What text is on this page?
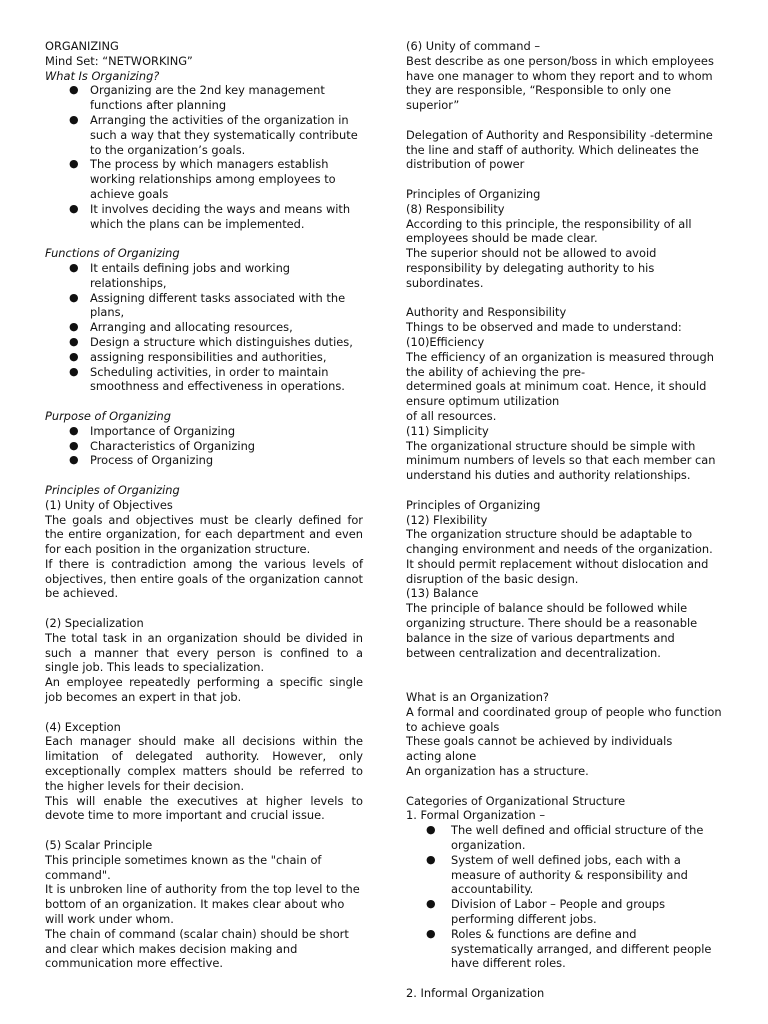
ORGANIZING

Mind Set: “NETWORKING”

What Is Organizing?

● Organizing are the 2nd key management functions after planning
● Arranging the activities of the organization in such a way that they systematically contribute to the organization’s goals.
● The process by which managers establish working relationships among employees to achieve goals
● It involves deciding the ways and means with which the plans can be implemented.

Functions of Organizing

● It entails defining jobs and working relationships,
● Assigning different tasks associated with the plans,
● Arranging and allocating resources,
● Design a structure which distinguishes duties,
● assigning responsibilities and authorities,
● Scheduling activities, in order to maintain smoothness and effectiveness in operations.

Purpose of Organizing

● Importance of Organizing
● Characteristics of Organizing
● Process of Organizing

Principles of Organizing

(1) Unity of Objectives

The goals and objectives must be clearly defined for the entire organization, for each department and even for each position in the organization structure.

If there is contradiction among the various levels of objectives, then entire goals of the organization cannot be achieved.

(2) Specialization

The total task in an organization should be divided in such a manner that every person is confined to a single job. This leads to specialization.

An employee repeatedly performing a specific single job becomes an expert in that job.

(4) Exception

Each manager should make all decisions within the limitation of delegated authority. However, only exceptionally complex matters should be referred to the higher levels for their decision.

This will enable the executives at higher levels to devote time to more important and crucial issue.

(5) Scalar Principle

This principle sometimes known as the "chain of command".

It is unbroken line of authority from the top level to the bottom of an organization. It makes clear about who will work under whom.

The chain of command (scalar chain) should be short and clear which makes decision making and communication more effective.

(6) Unity of command –

Best describe as one person/boss in which employees have one manager to whom they report and to whom they are responsible, “Responsible to only one superior”

Delegation of Authority and Responsibility -determine the line and staff of authority. Which delineates the distribution of power

Principles of Organizing

(8) Responsibility

According to this principle, the responsibility of all employees should be made clear.

The superior should not be allowed to avoid responsibility by delegating authority to his subordinates.

Authority and Responsibility

Things to be observed and made to understand:

(10)Efficiency

The efficiency of an organization is measured through the ability of achieving the pre-

determined goals at minimum coat. Hence, it should ensure optimum utilization

of all resources.

(11) Simplicity

The organizational structure should be simple with minimum numbers of levels so that each member can understand his duties and authority relationships.

Principles of Organizing

(12) Flexibility

The organization structure should be adaptable to changing environment and needs of the organization.

It should permit replacement without dislocation and disruption of the basic design.

(13) Balance

The principle of balance should be followed while organizing structure. There should be a reasonable balance in the size of various departments and between centralization and decentralization.

What is an Organization?

A formal and coordinated group of people who function to achieve goals

These goals cannot be achieved by individuals    acting alone

An organization has a structure.

Categories of Organizational Structure

1. Formal Organization –

● The well defined and official structure of the organization.
● System of well defined jobs, each with a measure of authority & responsibility and accountability.
● Division of Labor – People and groups performing different jobs.
● Roles & functions are define and systematically arranged, and different people have different roles.

2. Informal Organization
